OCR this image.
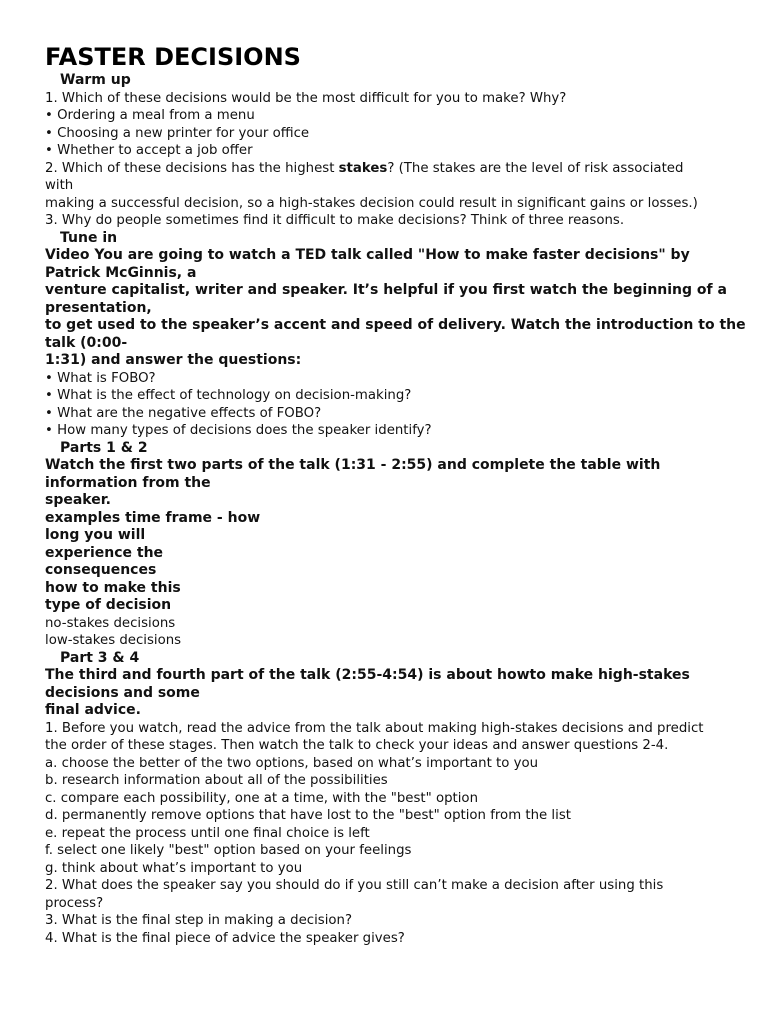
FASTER DECISIONS
Warm up
1. Which of these decisions would be the most difficult for you to make? Why?
• Ordering a meal from a menu
• Choosing a new printer for your office
• Whether to accept a job offer
2. Which of these decisions has the highest stakes? (The stakes are the level of risk associated
with
making a successful decision, so a high-stakes decision could result in significant gains or losses.)
3. Why do people sometimes find it difficult to make decisions? Think of three reasons.
Tune in
Video You are going to watch a TED talk called "How to make faster decisions" by
Patrick McGinnis, a
venture capitalist, writer and speaker. It’s helpful if you first watch the beginning of a
presentation,
to get used to the speaker’s accent and speed of delivery. Watch the introduction to the
talk (0:00-
1:31) and answer the questions:
• What is FOBO?
• What is the effect of technology on decision-making?
• What are the negative effects of FOBO?
• How many types of decisions does the speaker identify?
Parts 1 & 2
Watch the first two parts of the talk (1:31 - 2:55) and complete the table with
information from the
speaker.
examples time frame - how
long you will
experience the
consequences
how to make this
type of decision
no-stakes decisions
low-stakes decisions
Part 3 & 4
The third and fourth part of the talk (2:55-4:54) is about howto make high-stakes
decisions and some
final advice.
1. Before you watch, read the advice from the talk about making high-stakes decisions and predict
the order of these stages. Then watch the talk to check your ideas and answer questions 2-4.
a. choose the better of the two options, based on what’s important to you
b. research information about all of the possibilities
c. compare each possibility, one at a time, with the "best" option
d. permanently remove options that have lost to the "best" option from the list
e. repeat the process until one final choice is left
f. select one likely "best" option based on your feelings
g. think about what’s important to you
2. What does the speaker say you should do if you still can’t make a decision after using this
process?
3. What is the final step in making a decision?
4. What is the final piece of advice the speaker gives?
